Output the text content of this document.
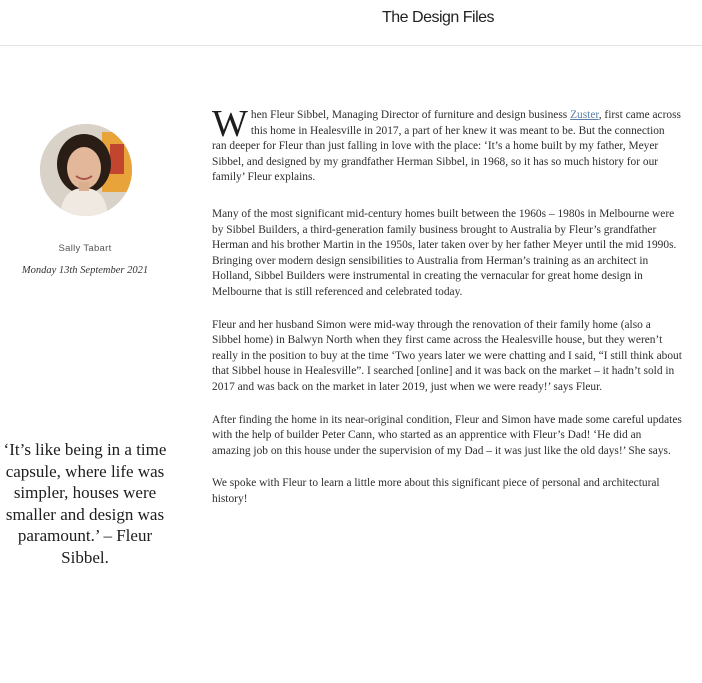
The Design Files
Sally Tabart
Monday 13th September 2021
‘It’s like being in a time capsule, where life was simpler, houses were smaller and design was paramount.’ – Fleur Sibbel.

When Fleur Sibbel, Managing Director of furniture and design business Zuster, first came across this home in Healesville in 2017, a part of her knew it was meant to be. But the connection ran deeper for Fleur than just falling in love with the place: ‘It’s a home built by my father, Meyer Sibbel, and designed by my grandfather Herman Sibbel, in 1968, so it has so much history for our family’ Fleur explains.

Many of the most significant mid-century homes built between the 1960s – 1980s in Melbourne were by Sibbel Builders, a third-generation family business brought to Australia by Fleur’s grandfather Herman and his brother Martin in the 1950s, later taken over by her father Meyer until the mid 1990s. Bringing over modern design sensibilities to Australia from Herman’s training as an architect in Holland, Sibbel Builders were instrumental in creating the vernacular for great home design in Melbourne that is still referenced and celebrated today.

Fleur and her husband Simon were mid-way through the renovation of their family home (also a Sibbel home) in Balwyn North when they first came across the Healesville house, but they weren’t really in the position to buy at the time ‘Two years later we were chatting and I said, “I still think about that Sibbel house in Healesville”. I searched [online] and it was back on the market – it hadn’t sold in 2017 and was back on the market in later 2019, just when we were ready!’ says Fleur.

After finding the home in its near-original condition, Fleur and Simon have made some careful updates with the help of builder Peter Cann, who started as an apprentice with Fleur’s Dad! ‘He did an amazing job on this house under the supervision of my Dad – it was just like the old days!’ She says.

We spoke with Fleur to learn a little more about this significant piece of personal and architectural history!
